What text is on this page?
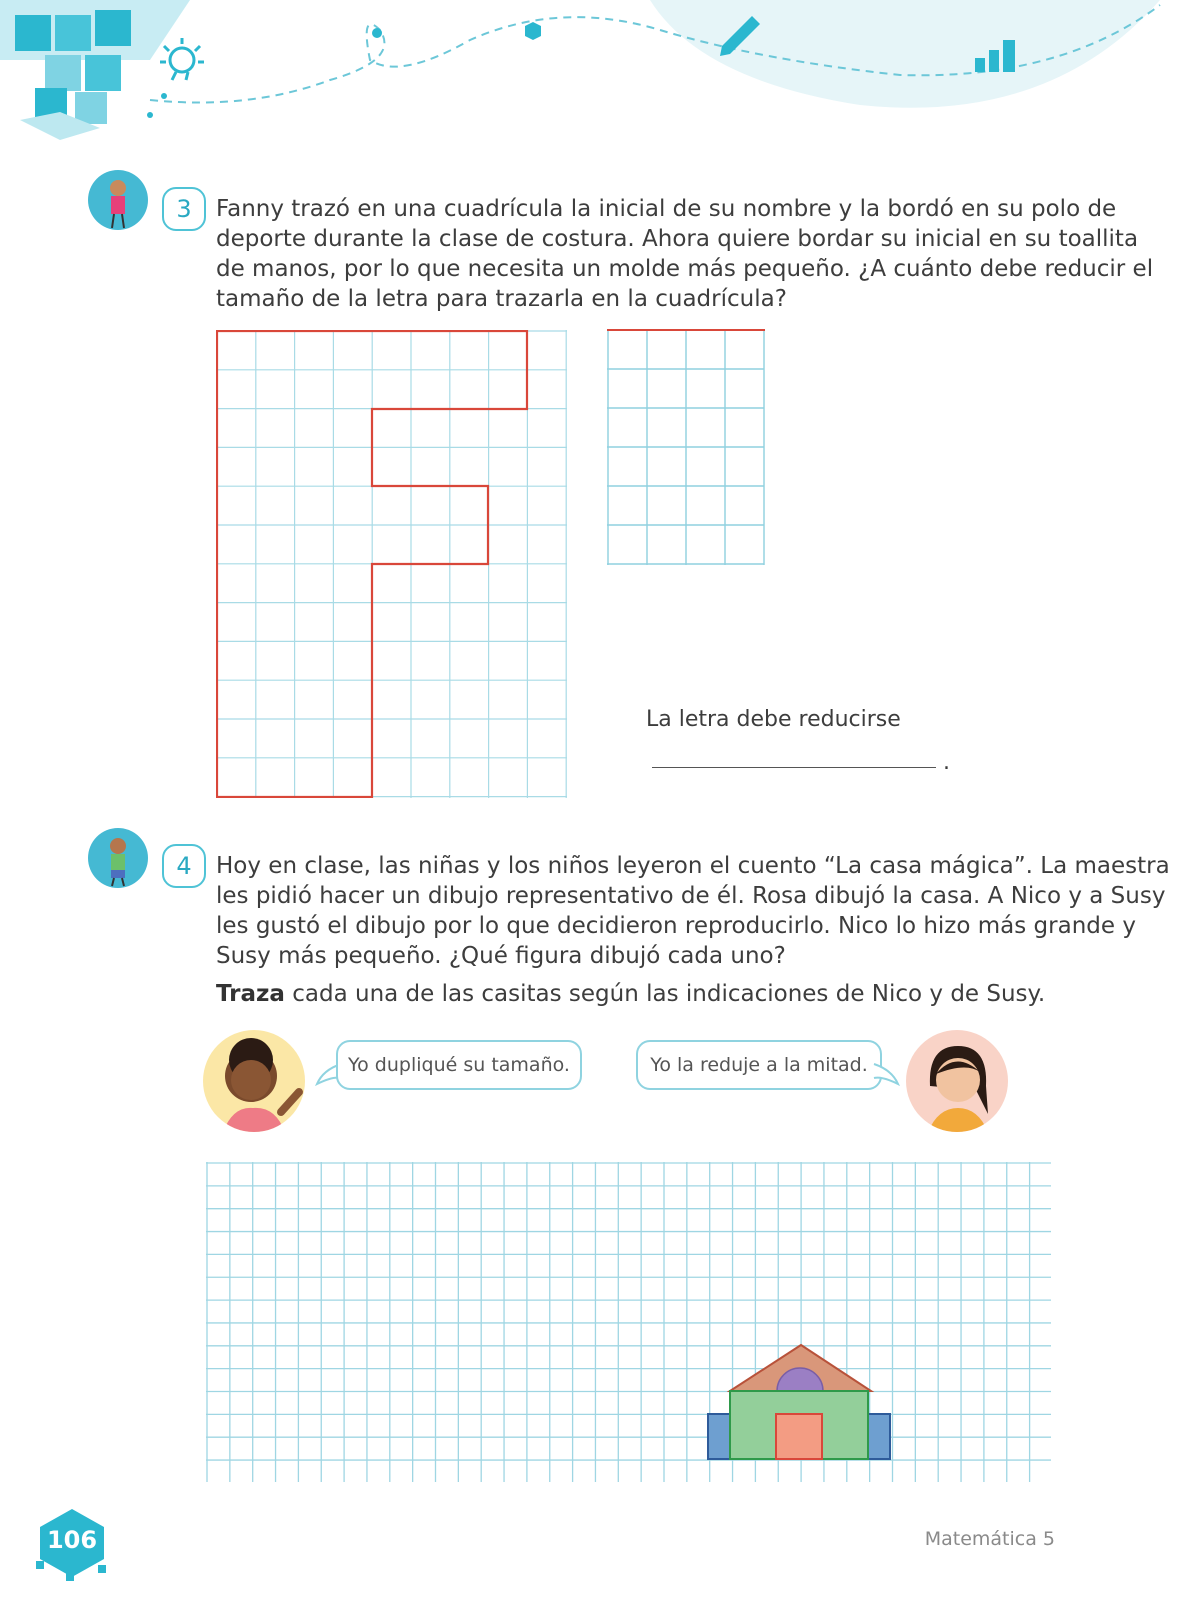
3	Fanny trazó en una cuadrícula la inicial de su nombre y la bordó en su polo de
deporte durante la clase de costura. Ahora quiere bordar su inicial en su toallita
de manos, por lo que necesita un molde más pequeño. ¿A cuánto debe reducir el
tamaño de la letra para trazarla en la cuadrícula?
La letra debe reducirse
.
4	Hoy en clase, las niñas y los niños leyeron el cuento “La casa mágica”. La maestra
les pidió hacer un dibujo representativo de él. Rosa dibujó la casa. A Nico y a Susy
les gustó el dibujo por lo que decidieron reproducirlo. Nico lo hizo más grande y
Susy más pequeño. ¿Qué figura dibujó cada uno?
Traza cada una de las casitas según las indicaciones de Nico y de Susy.
Yo dupliqué su tamaño.	Yo la reduje a la mitad.
106	Matemática 5
